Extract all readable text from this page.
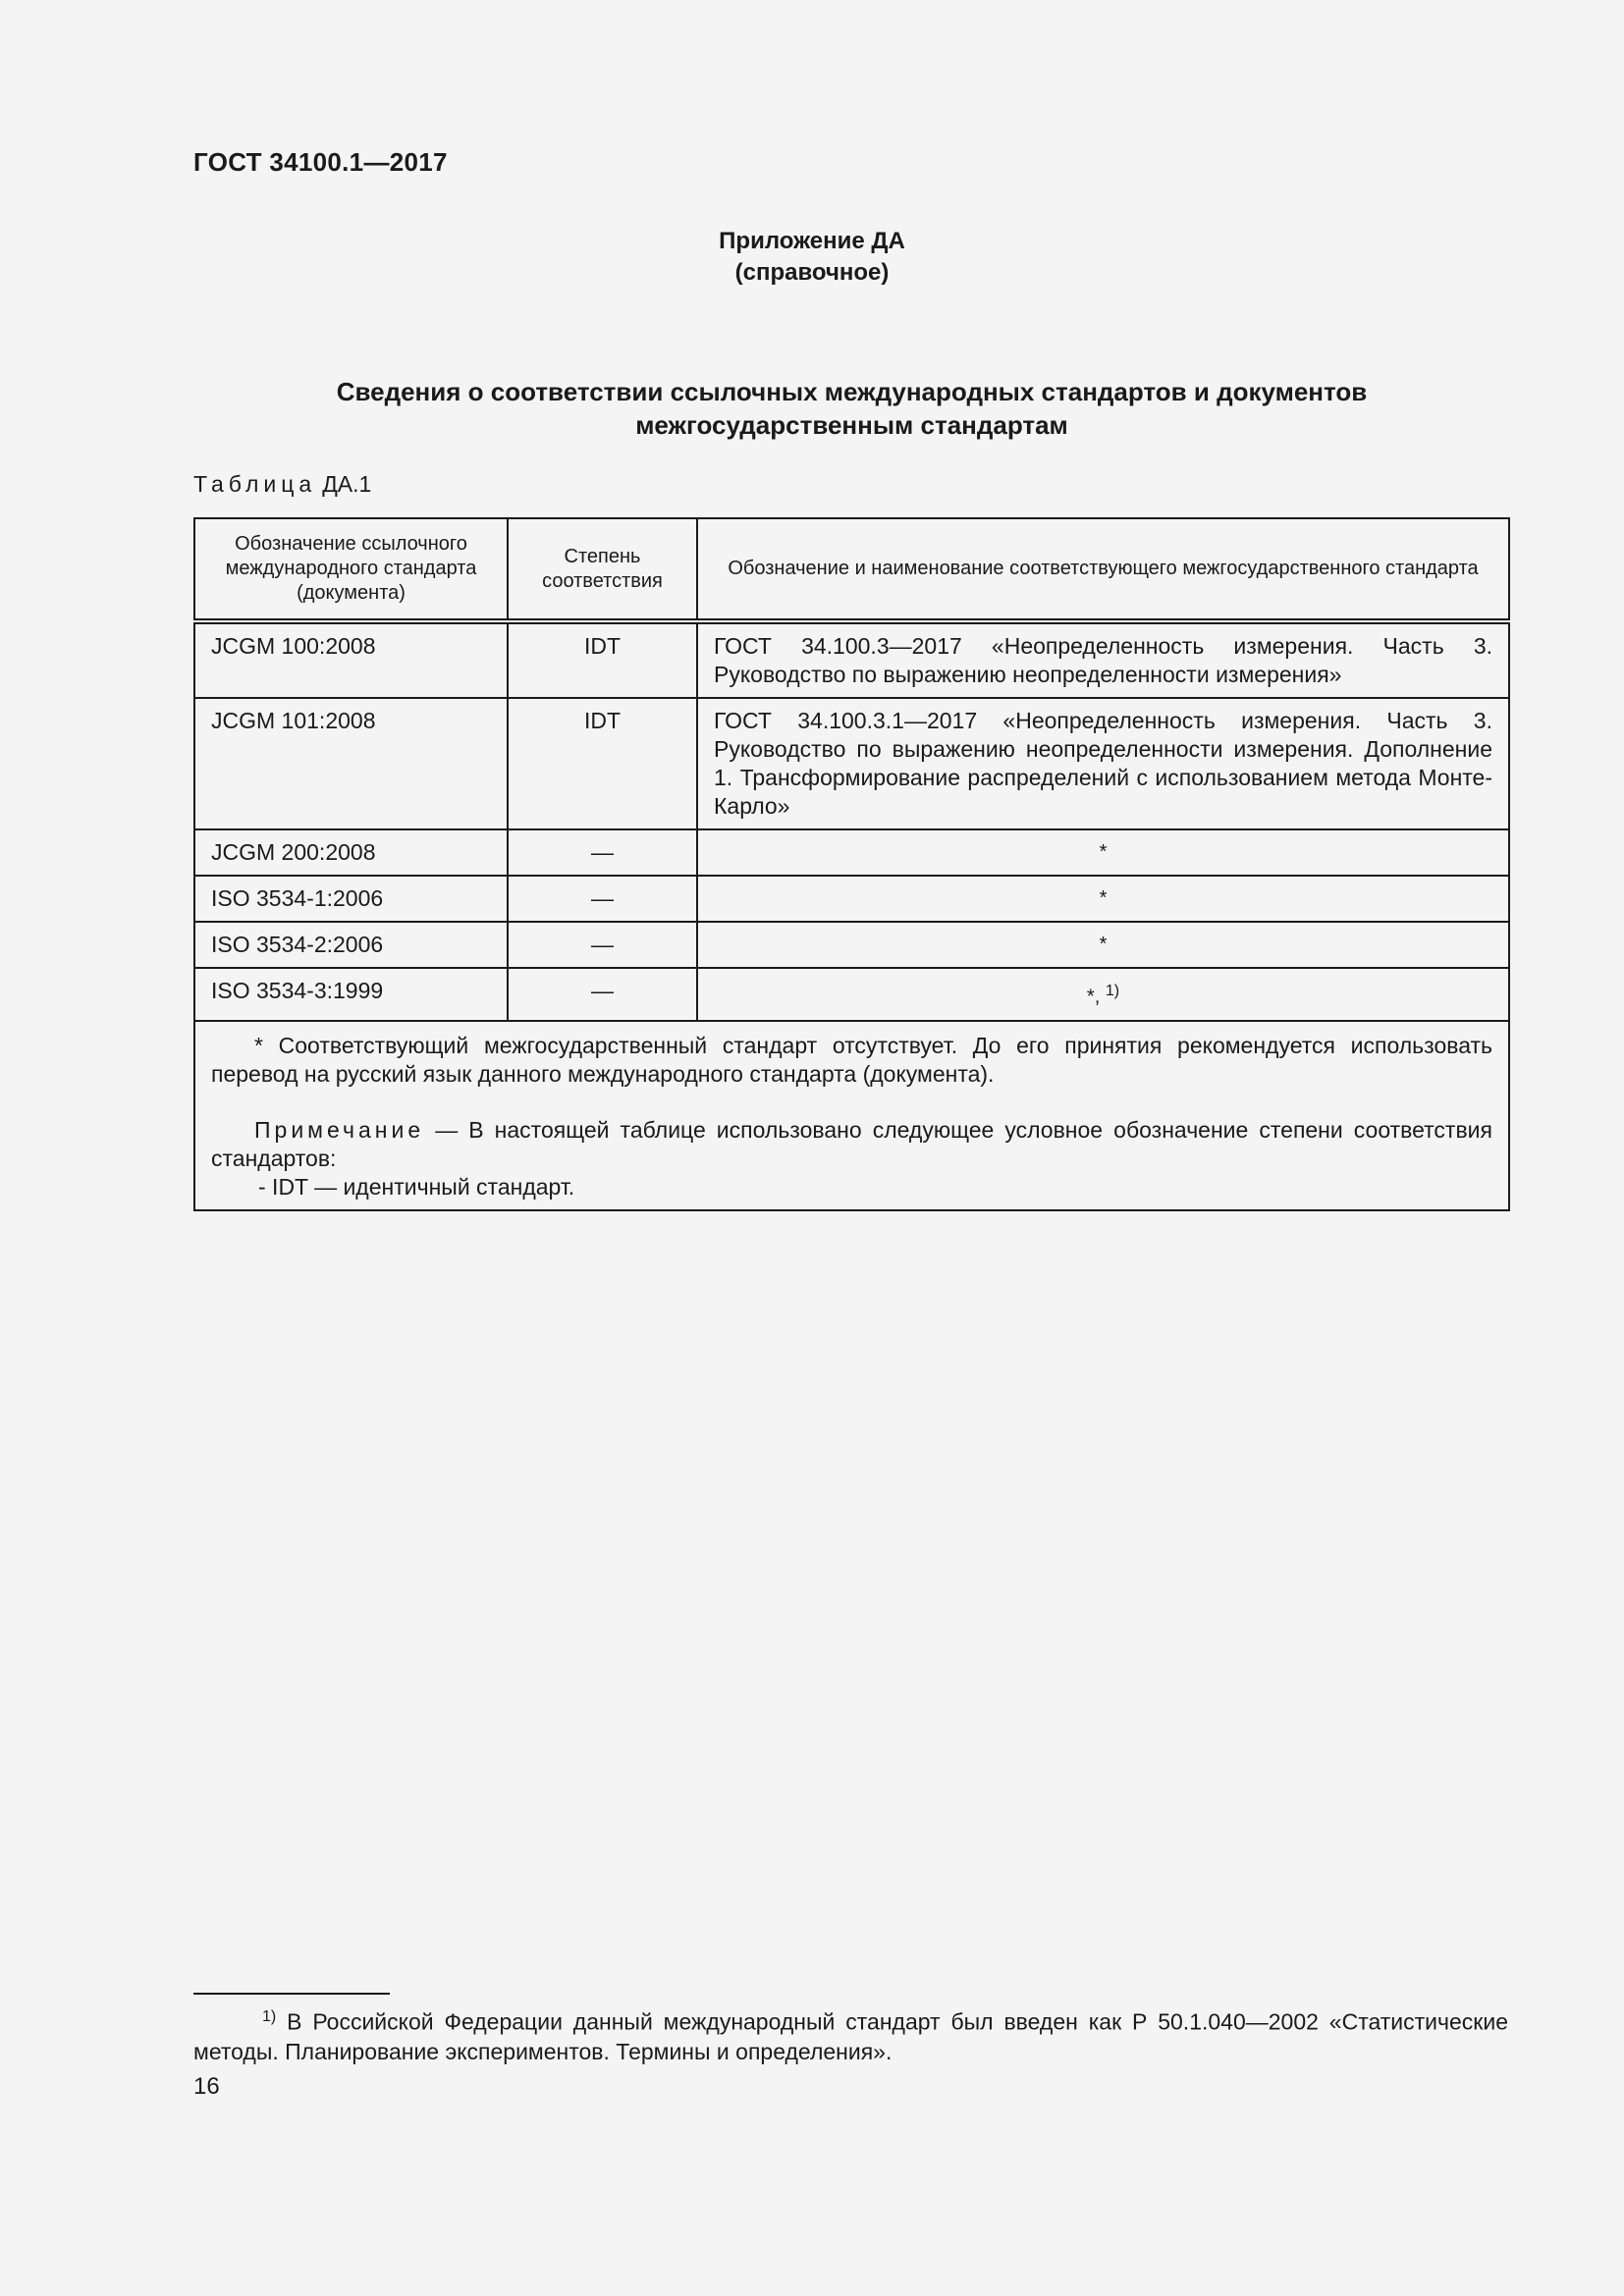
ГОСТ 34100.1—2017
Приложение ДА
(справочное)
Сведения о соответствии ссылочных международных стандартов и документов
межгосударственным стандартам
Таблица ДА.1
Обозначение ссылочного международного стандарта (документа)	Степень соответствия	Обозначение и наименование соответствующего межгосударственного стандарта
JCGM 100:2008	IDT	ГОСТ 34.100.3—2017 «Неопределенность измерения. Часть 3. Руководство по выражению неопределенности измерения»
JCGM 101:2008	IDT	ГОСТ 34.100.3.1—2017 «Неопределенность измерения. Часть 3. Руководство по выражению неопределенности измерения. Дополнение 1. Трансформирование распределений с использованием метода Монте-Карло»
JCGM 200:2008	—	*
ISO 3534-1:2006	—	*
ISO 3534-2:2006	—	*
ISO 3534-3:1999	—	*, $^{1)}$

* Соответствующий межгосударственный стандарт отсутствует. До его принятия рекомендуется использовать перевод на русский язык данного международного стандарта (документа).

Примечание — В настоящей таблице использовано следующее условное обозначение степени соответствия стандартов:

- IDT — идентичный стандарт.		

$^{1)}$ В Российской Федерации данный международный стандарт был введен как Р 50.1.040—2002 «Статистические методы. Планирование экспериментов. Термины и определения».
16
